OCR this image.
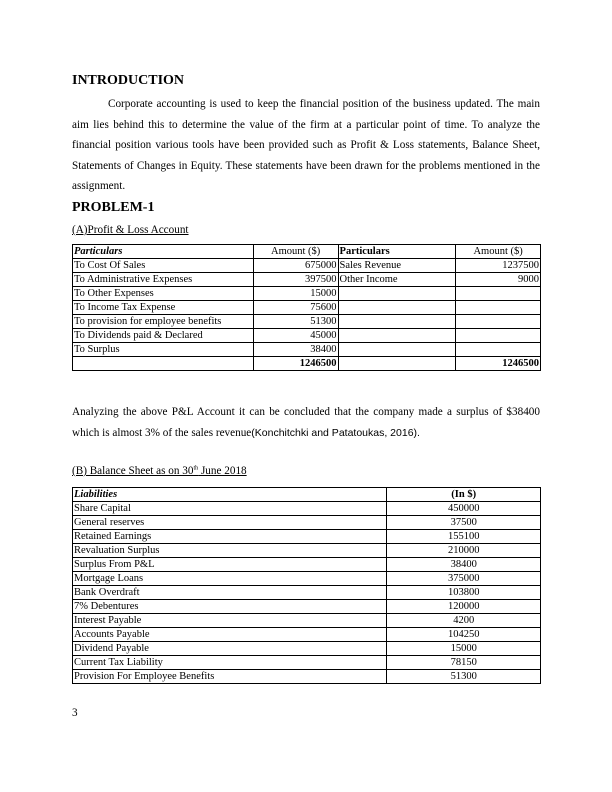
INTRODUCTION

Corporate accounting is used to keep the financial position of the business updated. The main aim lies behind this to determine the value of the firm at a particular point of time. To analyze the financial position various tools have been provided such as Profit & Loss statements, Balance Sheet, Statements of Changes in Equity. These statements have been drawn for the problems mentioned in the assignment.

PROBLEM-1
(A)Profit & Loss Account
Particulars	Amount ($)	Particulars	Amount ($)
To Cost Of Sales	675000	Sales Revenue	1237500
To Administrative Expenses	397500	Other Income	9000
To Other Expenses	15000		
To Income Tax Expense	75600		
To provision for employee benefits	51300		
To Dividends paid & Declared	45000		
To Surplus	38400		
	1246500		1246500

Analyzing the above P&L Account it can be concluded that the company made a surplus of $38400 which is almost 3% of the sales revenue(Konchitchki and Patatoukas, 2016).

(B) Balance Sheet as on 30th June 2018
Liabilities	(In $)
Share Capital	450000
General reserves	37500
Retained Earnings	155100
Revaluation Surplus	210000
Surplus From P&L	38400
Mortgage Loans	375000
Bank Overdraft	103800
7% Debentures	120000
Interest Payable	4200
Accounts Payable	104250
Dividend Payable	15000
Current Tax Liability	78150
Provision For Employee Benefits	51300
3
